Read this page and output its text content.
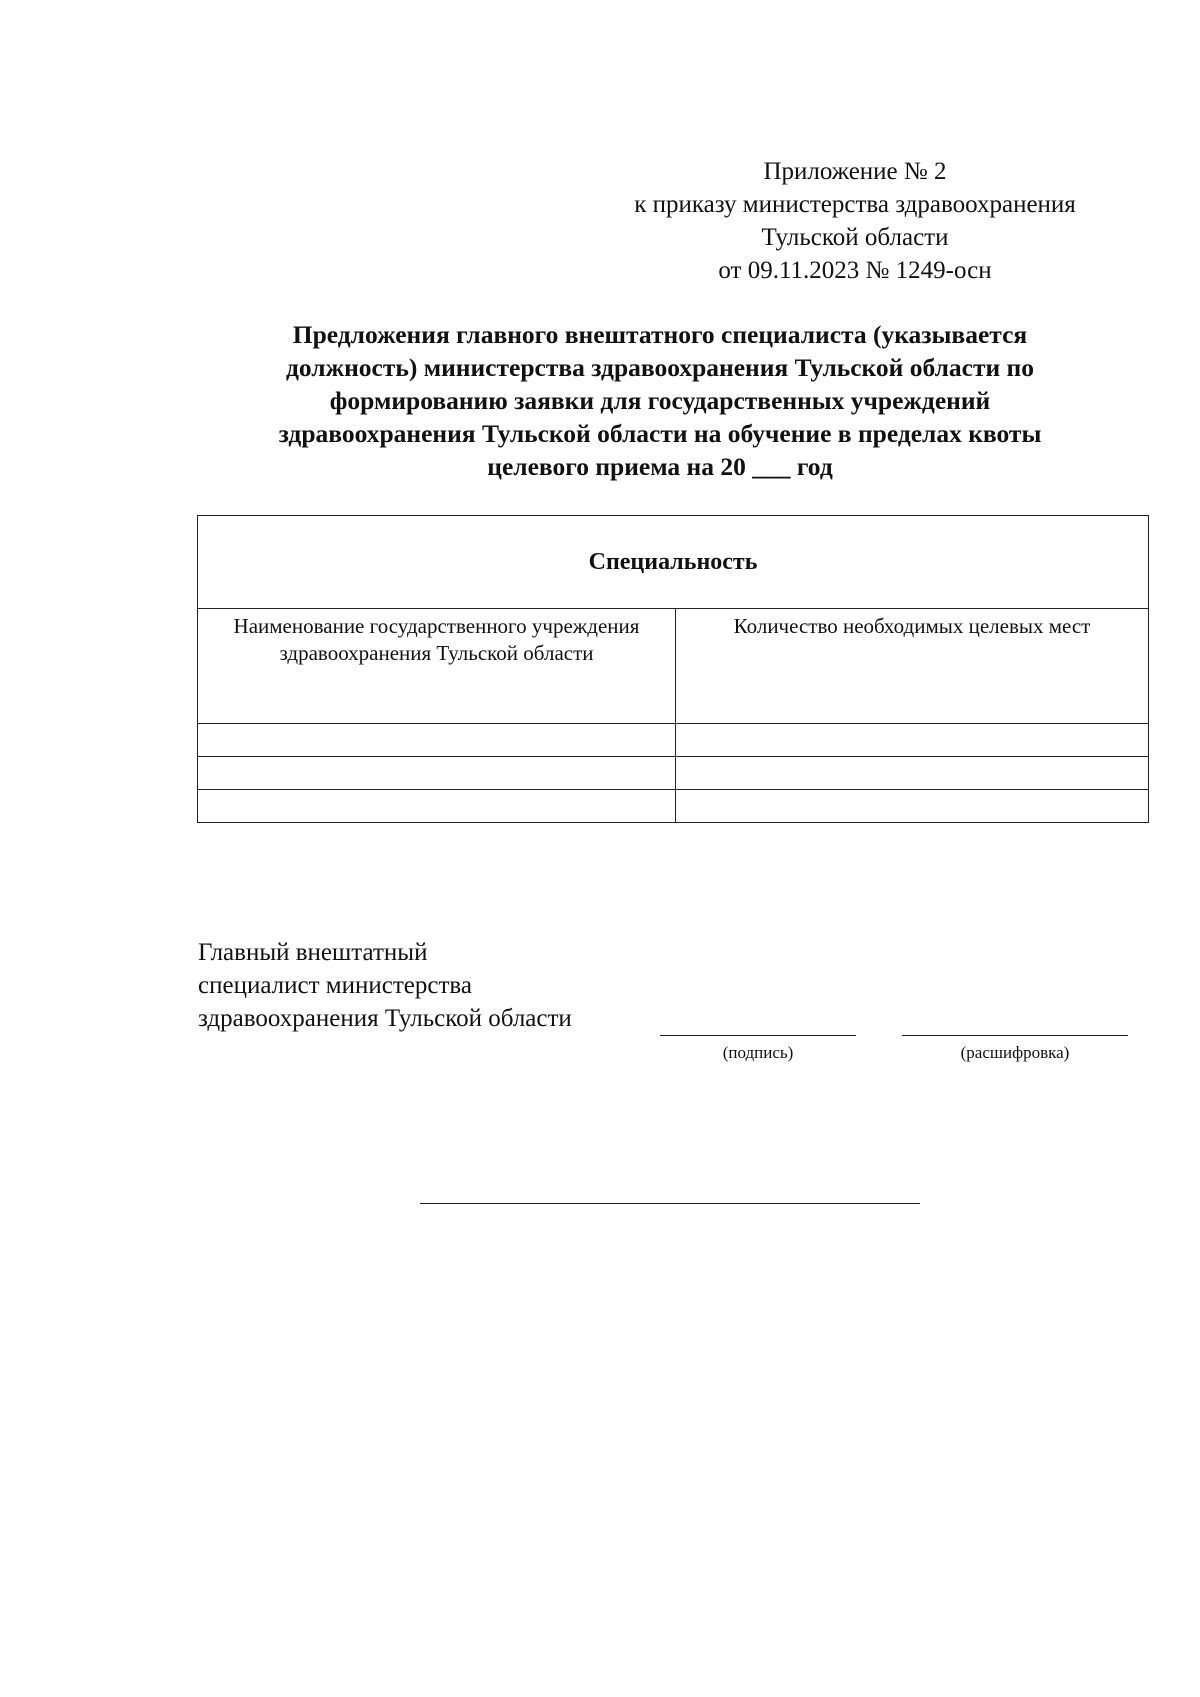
Приложение № 2
к приказу министерства здравоохранения
Тульской области
от 09.11.2023 № 1249-осн
Предложения главного внештатного специалиста (указывается
должность) министерства здравоохранения Тульской области по
формированию заявки для государственных учреждений
здравоохранения Тульской области на обучение в пределах квоты
целевого приема на 20 ___ год
Специальность	
Наименование государственного учреждения здравоохранения Тульской области	Количество необходимых целевых мест

Главный внештатный
специалист министерства
здравоохранения Тульской области
(подпись)	(расшифровка)
